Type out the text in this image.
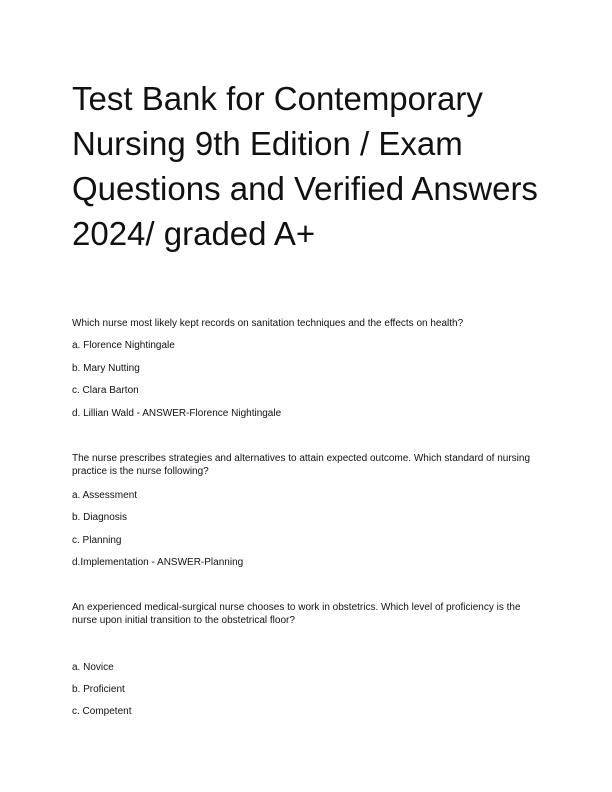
Test Bank for Contemporary
Nursing 9th Edition / Exam
Questions and Verified Answers
2024/ graded A+

Which nurse most likely kept records on sanitation techniques and the effects on health?

a. Florence Nightingale
b. Mary Nutting
c. Clara Barton
d. Lillian Wald - ANSWER-Florence Nightingale

The nurse prescribes strategies and alternatives to attain expected outcome. Which standard of nursing practice is the nurse following?

a. Assessment
b. Diagnosis
c. Planning
d.Implementation - ANSWER-Planning

An experienced medical-surgical nurse chooses to work in obstetrics. Which level of proficiency is the nurse upon initial transition to the obstetrical floor?

a. Novice
b. Proficient
c. Competent
